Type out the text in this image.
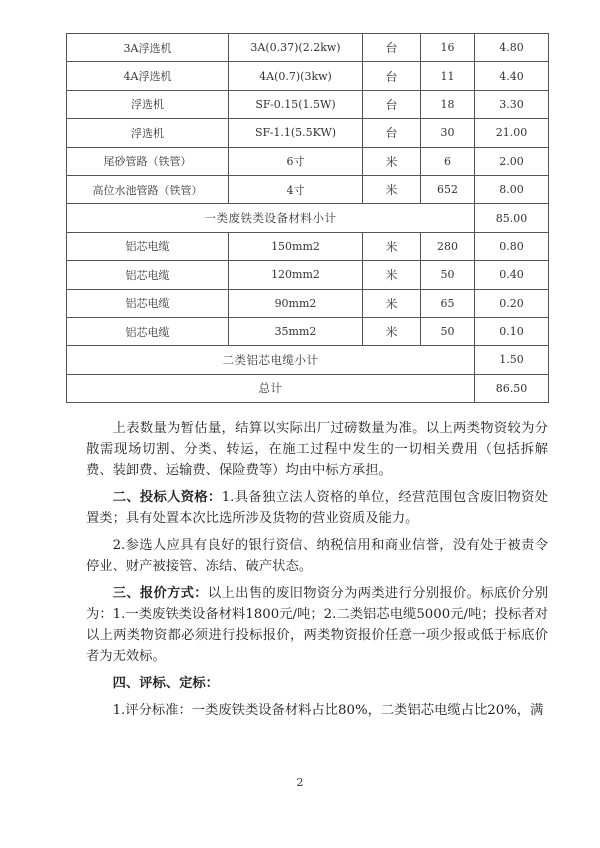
3A浮选机	3A(0.37)(2.2kw)	台	16	4.80
4A浮选机	4A(0.7)(3kw)	台	11	4.40
浮选机	SF-0.15(1.5W)	台	18	3.30
浮选机	SF-1.1(5.5KW)	台	30	21.00
尾砂管路（铁管）	6寸	米	6	2.00
高位水池管路（铁管）	4寸	米	652	8.00
一类废铁类设备材料小计				85.00
铝芯电缆	150mm2	米	280	0.80
铝芯电缆	120mm2	米	50	0.40
铝芯电缆	90mm2	米	65	0.20
铝芯电缆	35mm2	米	50	0.10
二类铝芯电缆小计				1.50
总计				86.50

上表数量为暂估量，结算以实际出厂过磅数量为准。以上两类物资较为分散需现场切割、分类、转运，在施工过程中发生的一切相关费用（包括拆解费、装卸费、运输费、保险费等）均由中标方承担。

二、投标人资格：1.具备独立法人资格的单位，经营范围包含废旧物资处置类；具有处置本次比选所涉及货物的营业资质及能力。

2.参选人应具有良好的银行资信、纳税信用和商业信誉，没有处于被责令停业、财产被接管、冻结、破产状态。

三、报价方式：以上出售的废旧物资分为两类进行分别报价。标底价分别为：1.一类废铁类设备材料1800元/吨；2.二类铝芯电缆5000元/吨；投标者对以上两类物资都必须进行投标报价，两类物资报价任意一项少报或低于标底价者为无效标。

四、评标、定标：

1.评分标准：一类废铁类设备材料占比80%，二类铝芯电缆占比20%，满

2
